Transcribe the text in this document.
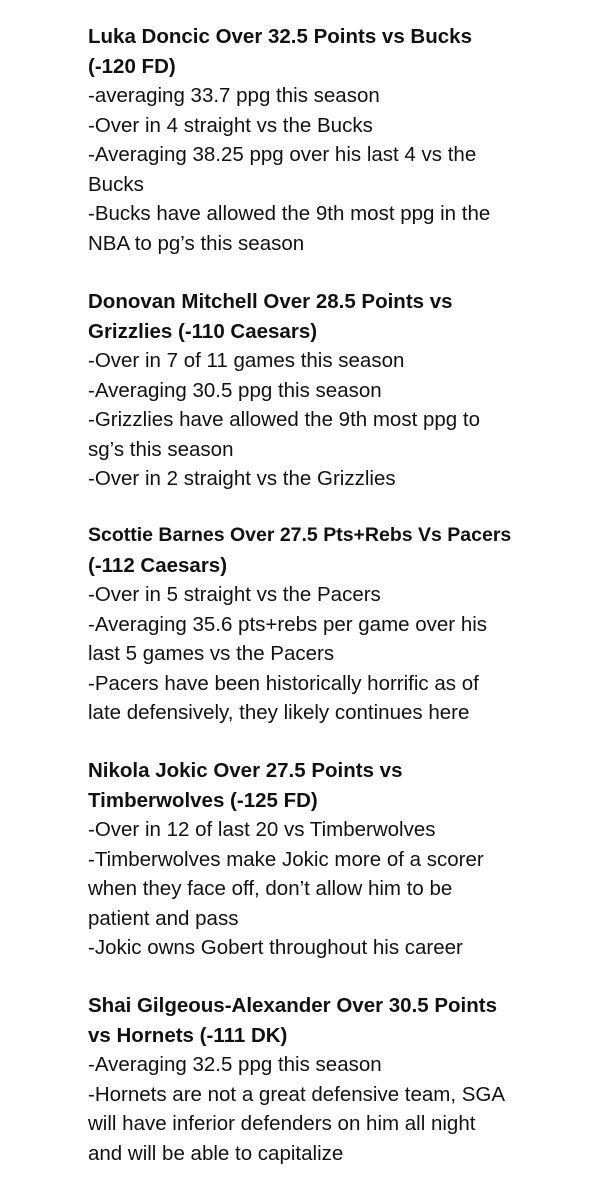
Luka Doncic Over 32.5 Points vs Bucks

(-120 FD)

-averaging 33.7 ppg this season

-Over in 4 straight vs the Bucks

-Averaging 38.25 ppg over his last 4 vs the

Bucks

-Bucks have allowed the 9th most ppg in the

NBA to pg’s this season

Donovan Mitchell Over 28.5 Points vs

Grizzlies (-110 Caesars)

-Over in 7 of 11 games this season

-Averaging 30.5 ppg this season

-Grizzlies have allowed the 9th most ppg to

sg’s this season

-Over in 2 straight vs the Grizzlies

Scottie Barnes Over 27.5 Pts+Rebs Vs Pacers

(-112 Caesars)

-Over in 5 straight vs the Pacers

-Averaging 35.6 pts+rebs per game over his

last 5 games vs the Pacers

-Pacers have been historically horrific as of

late defensively, they likely continues here

Nikola Jokic Over 27.5 Points vs

Timberwolves (-125 FD)

-Over in 12 of last 20 vs Timberwolves

-Timberwolves make Jokic more of a scorer

when they face off, don’t allow him to be

patient and pass

-Jokic owns Gobert throughout his career

Shai Gilgeous-Alexander Over 30.5 Points

vs Hornets (-111 DK)

-Averaging 32.5 ppg this season

-Hornets are not a great defensive team, SGA

will have inferior defenders on him all night

and will be able to capitalize
